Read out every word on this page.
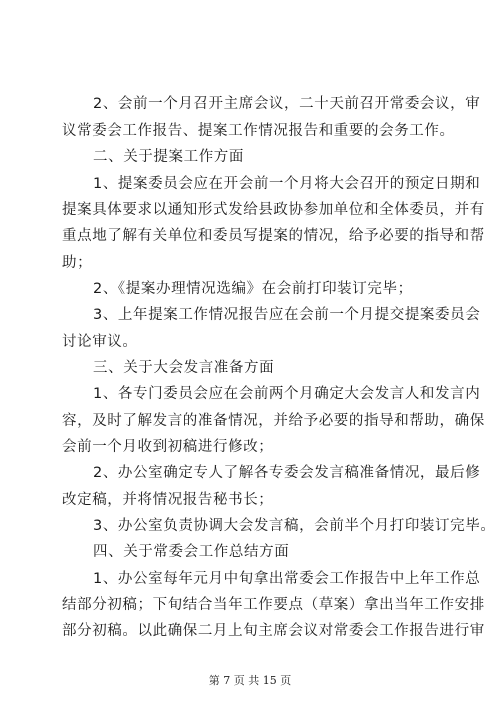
2、会前一个月召开主席会议，二十天前召开常委会议，审
议常委会工作报告、提案工作情况报告和重要的会务工作。
二、关于提案工作方面
1、提案委员会应在开会前一个月将大会召开的预定日期和
提案具体要求以通知形式发给县政协参加单位和全体委员，并有
重点地了解有关单位和委员写提案的情况，给予必要的指导和帮
助；
2、《提案办理情况选编》在会前打印装订完毕；
3、上年提案工作情况报告应在会前一个月提交提案委员会
讨论审议。
三、关于大会发言准备方面
1、各专门委员会应在会前两个月确定大会发言人和发言内
容，及时了解发言的准备情况，并给予必要的指导和帮助，确保
会前一个月收到初稿进行修改；
2、办公室确定专人了解各专委会发言稿准备情况，最后修
改定稿，并将情况报告秘书长；
3、办公室负责协调大会发言稿，会前半个月打印装订完毕。
四、关于常委会工作总结方面
1、办公室每年元月中旬拿出常委会工作报告中上年工作总
结部分初稿；下旬结合当年工作要点（草案）拿出当年工作安排
部分初稿。以此确保二月上旬主席会议对常委会工作报告进行审
第 7 页 共 15 页
